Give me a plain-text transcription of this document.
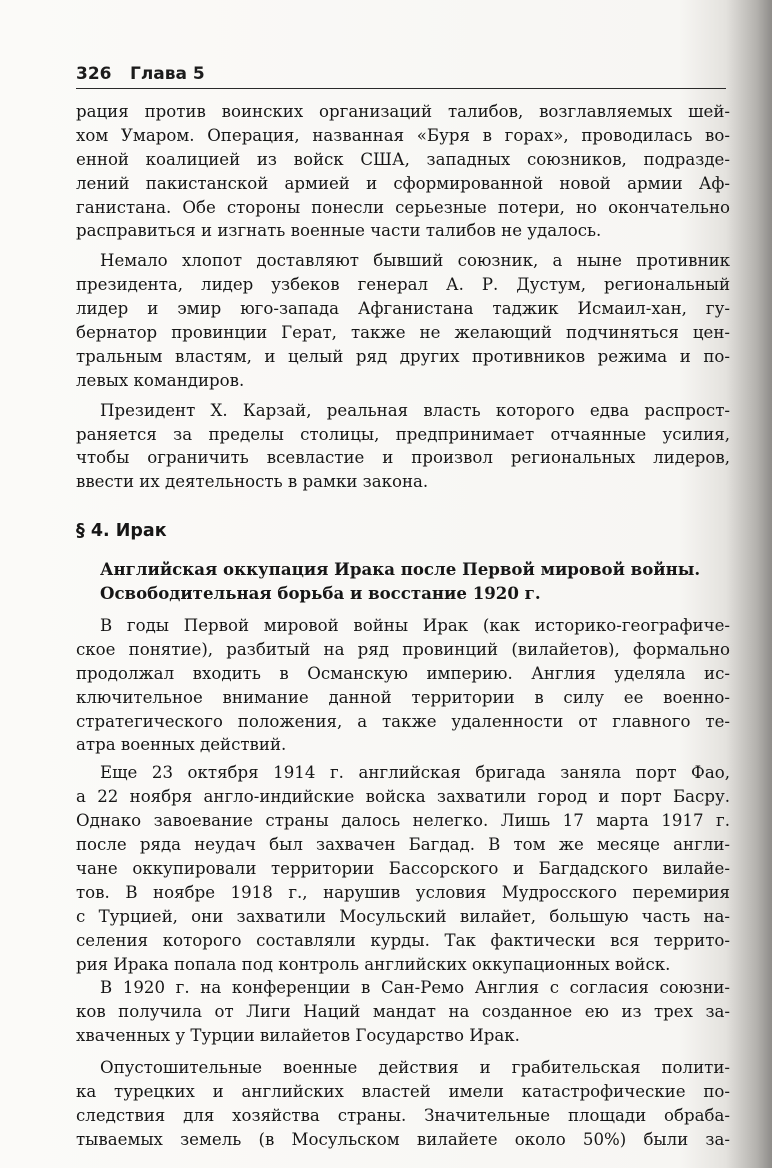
326 Глава 5
рация против воинских организаций талибов, возглавляемых шей-
хом Умаром. Операция, названная «Буря в горах», проводилась во-
енной коалицией из войск США, западных союзников, подразде-
лений пакистанской армией и сформированной новой армии Аф-
ганистана. Обе стороны понесли серьезные потери, но окончательно
расправиться и изгнать военные части талибов не удалось.
Немало хлопот доставляют бывший союзник, а ныне противник
президента, лидер узбеков генерал А. Р. Дустум, региональный
лидер и эмир юго-запада Афганистана таджик Исмаил-хан, гу-
бернатор провинции Герат, также не желающий подчиняться цен-
тральным властям, и целый ряд других противников режима и по-
левых командиров.
Президент Х. Карзай, реальная власть которого едва распрост-
раняется за пределы столицы, предпринимает отчаянные усилия,
чтобы ограничить всевластие и произвол региональных лидеров,
ввести их деятельность в рамки закона.
§ 4. Ирак
Английская оккупация Ирака после Первой мировой войны.
Освободительная борьба и восстание 1920 г.
В годы Первой мировой войны Ирак (как историко-географиче-
ское понятие), разбитый на ряд провинций (вилайетов), формально
продолжал входить в Османскую империю. Англия уделяла ис-
ключительное внимание данной территории в силу ее военно-
стратегического положения, а также удаленности от главного те-
атра военных действий.
Еще 23 октября 1914 г. английская бригада заняла порт Фао,
а 22 ноября англо-индийские войска захватили город и порт Басру.
Однако завоевание страны далось нелегко. Лишь 17 марта 1917 г.
после ряда неудач был захвачен Багдад. В том же месяце англи-
чане оккупировали территории Бассорского и Багдадского вилайе-
тов. В ноябре 1918 г., нарушив условия Мудросского перемирия
с Турцией, они захватили Мосульский вилайет, большую часть на-
селения которого составляли курды. Так фактически вся террито-
рия Ирака попала под контроль английских оккупационных войск.
В 1920 г. на конференции в Сан-Ремо Англия с согласия союзни-
ков получила от Лиги Наций мандат на созданное ею из трех за-
хваченных у Турции вилайетов Государство Ирак.
Опустошительные военные действия и грабительская полити-
ка турецких и английских властей имели катастрофические по-
следствия для хозяйства страны. Значительные площади обраба-
тываемых земель (в Мосульском вилайете около 50%) были за-
